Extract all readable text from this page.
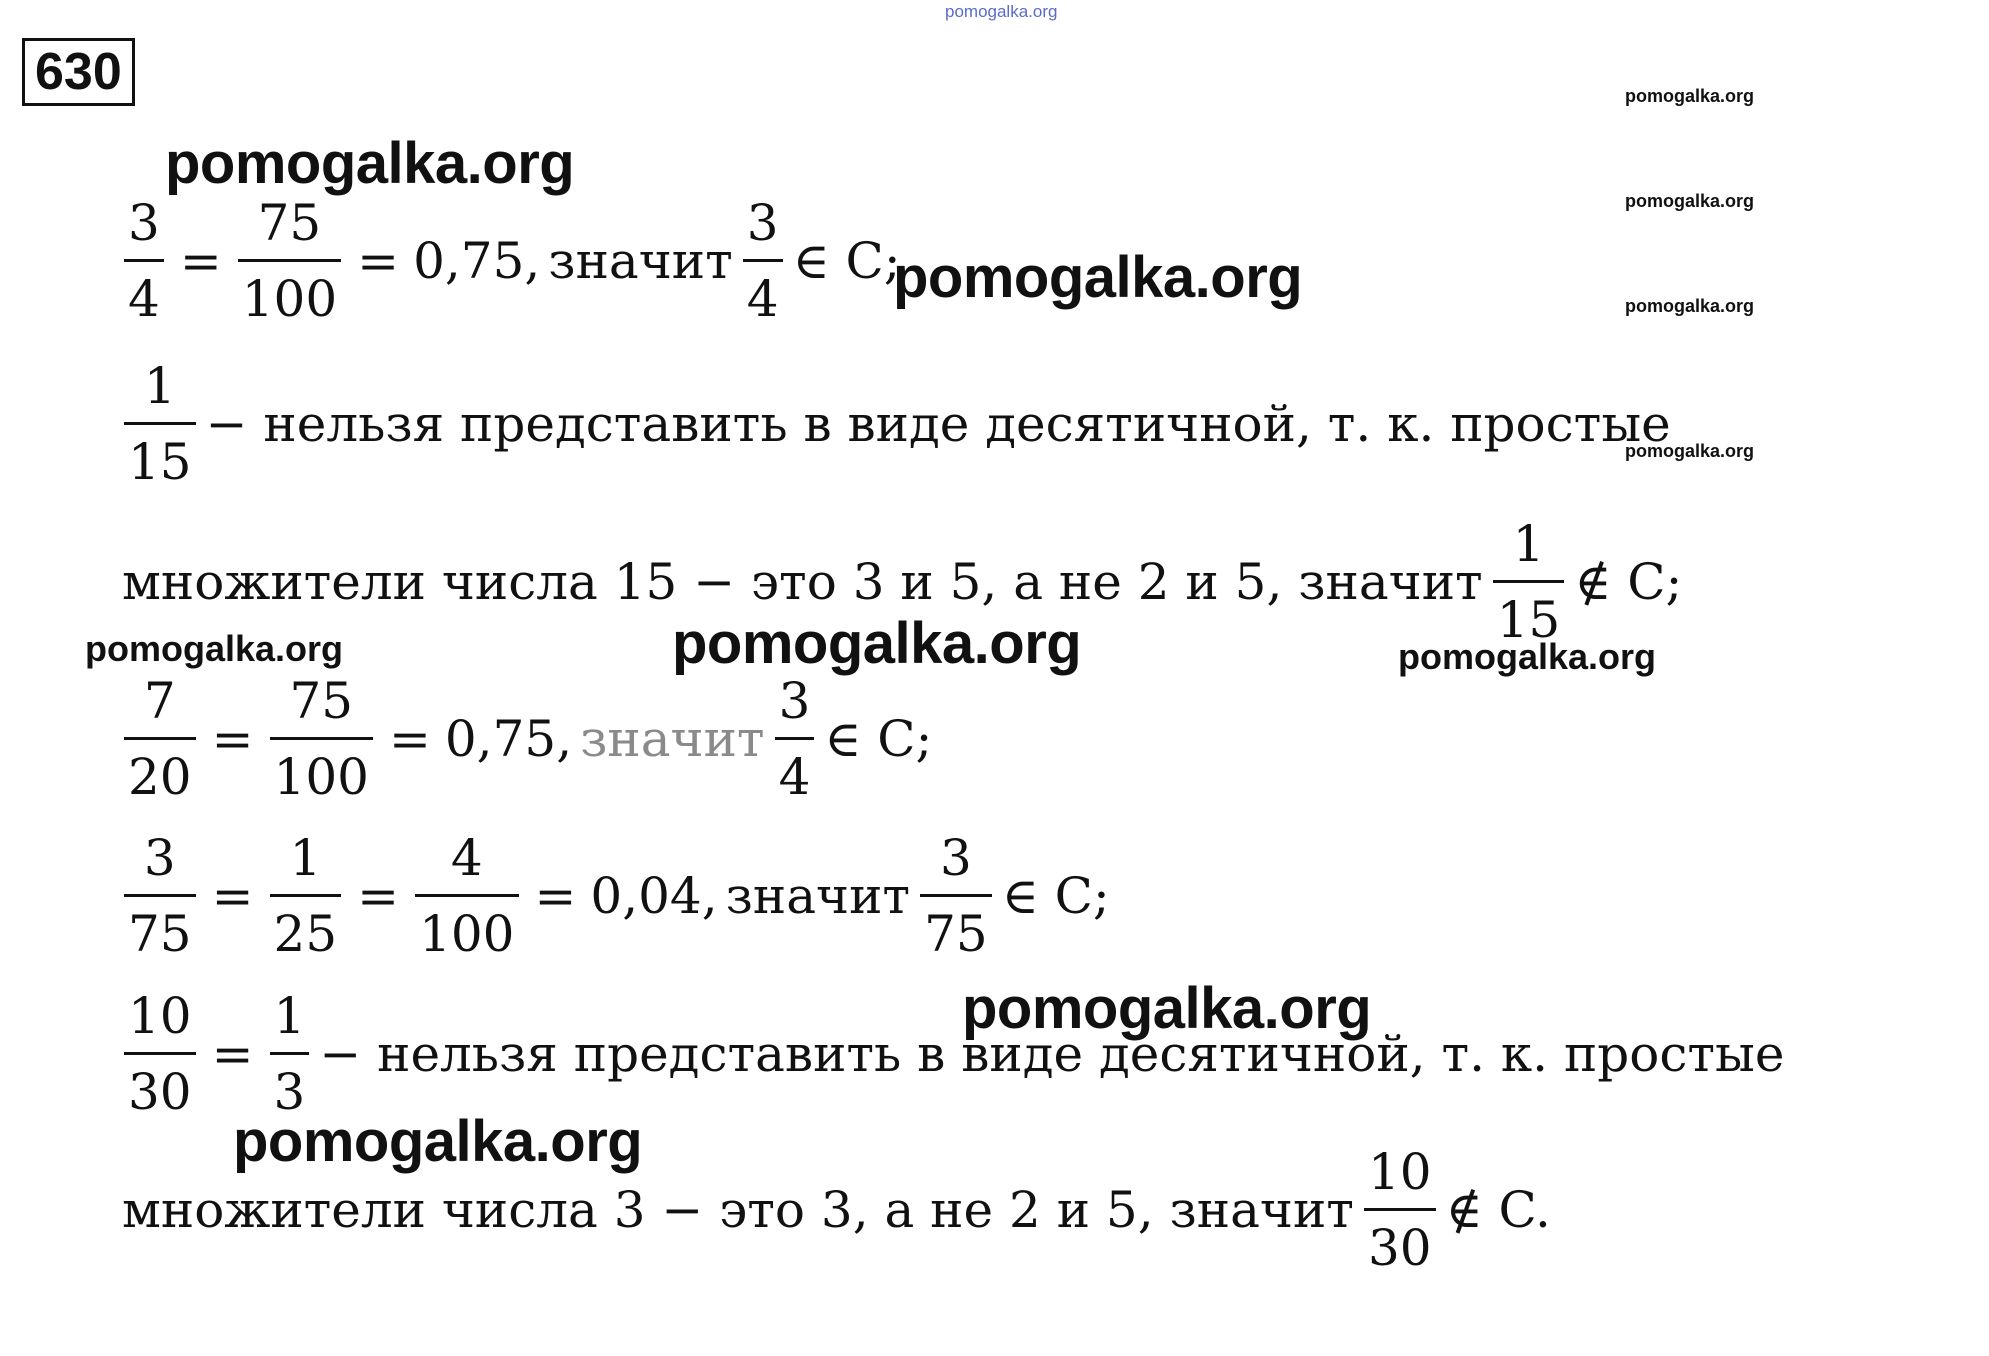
pomogalka.org
630	pomogalka.org
pomogalka.org
pomogalka.org
pomogalka.org
pomogalka.org
pomogalka.org
pomogalka.org
pomogalka.org
pomogalka.org
pomogalka.org	pomogalka.org
$\frac{3}{4} = \frac{75}{100} = 0,75$, значит $\frac{3}{4}$ ∈ C;
$\frac{1}{15}$ − нельзя представить в виде десятичной, т. к. простые
множители числа 15 − это 3 и 5, а не 2 и 5, значит $\frac{1}{15}$ ∉ C;
$\frac{7}{20} = \frac{75}{100} = 0,75$, значит $\frac{3}{4}$ ∈ C;
$\frac{3}{75} = \frac{1}{25} = \frac{4}{100} = 0,04$, значит $\frac{3}{75}$ ∈ C;
$\frac{10}{30} = \frac{1}{3}$ − нельзя представить в виде десятичной, т. к. простые
множители числа 3 − это 3, а не 2 и 5, значит $\frac{10}{30}$ ∉ C.
